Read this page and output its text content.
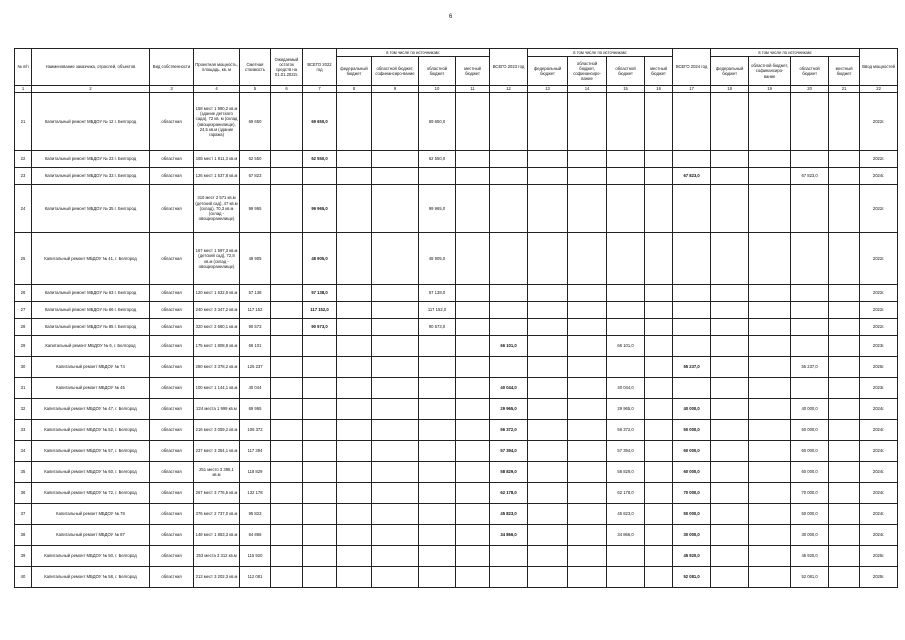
6
№ п/п	Наименование заказчика, отраслей, объектов	Вид собственности	Проектная мощность, площадь, кв. м	Сметная стоимость	Ожидаемый остаток средств на 01.01.2022г.	ВСЕГО 2022 год	в том числе по источникам:				ВСЕГО 2023 год	в том числе по источникам:				ВСЕГО 2024 год	в том числе по источникам:				Ввод мощностей
							федеральный бюджет	областной бюджет, софинансиро-вание	областной бюджет	местный бюджет		федеральный бюджет	областной бюджет, софинансиро-вание	областной бюджет	местный бюджет		федеральный бюджет	областной бюджет, софинансиро-вание	областной бюджет	местный бюджет	
1	2	3	4	5	6	7	8	9	10	11	12	13	14	15	16	17	18	19	20	21	22
21	Капитальный ремонт МБДОУ № 12 г. Белгород	областная	158 мест 1 990,2 кв.м (здание детского сада), 72 кв. м (склад (овощехранилище), 24,5 кв.м (здание гаража)	69 650		69 650,0			69 650,0												2022г.
22	Капитальный ремонт МБДОУ № 23 г. Белгород	областная	165 мест 1 811,3 кв.м	62 550		62 550,0			62 550,0												2022г.
23	Капитальный ремонт МБДОУ № 33 г. Белгород	областная	126 мест 1 537,8 кв.м	67 823												67 823,0			67 823,0		2024г.
24	Капитальный ремонт МБДОУ № 35 г. Белгород	областная	310 мест 2 571 кв.м (детский сад), 47 кв.м (склад), 70,3 кв.м (склад - овощехранилище)	99 965		99 965,0			99 965,0												2022г.
25	Капитальный ремонт МБДОУ № 41, г. Белгород	областная	167 мест 1 597,3 кв.м (детский сад), 72,8 кв.м (склад - овощехранилище)	48 905		48 905,0			48 905,0												2022г.
26	Капитальный ремонт МБДОУ № 63 г. Белгород	областная	120 мест 1 632,5 кв.м	57 138		57 138,0			57 138,0												2022г.
27	Капитальный ремонт МБДОУ № 66 г. Белгород	областная	240 мест 3 347,2 кв.м	117 152		117 152,0			117 152,0												2022г.
28	Капитальный ремонт МБДОУ № 85 г. Белгород	областная	320 мест 2 660,1 кв.м	90 573		90 573,0			90 573,0												2022г.
29	Капитальный ремонт МБДОУ № 6, г. Белгород	областная	175 мест 1 808,8 кв.м	66 101							66 101,0			66 101,0							2023г.
30	Капитальный ремонт МБДОУ № 74	областная	280 мест 3 378,2 кв.м	125 237												55 237,0			55 237,0		2025г.
31	Капитальный ремонт МБДОУ № 45	областная	100 мест 1 144,1 кв.м	40 044							40 044,0			40 044,0							2023г.
32	Капитальный ремонт МБДОУ № 47, г. Белгород	областная	224 места 1 999 кв.м	69 965							29 965,0			29 965,0		40 000,0			40 000,0		2024г.
33	Капитальный ремонт МБДОУ № 52, г. Белгород	областная	216 мест 3 059,2 кв.м	106 372							56 372,0			56 372,0		50 000,0			50 000,0		2024г.
34	Капитальный ремонт МБДОУ № 57, г. Белгород	областная	237 мест 3 354,1 кв.м	117 394							57 394,0			57 394,0		60 000,0			60 000,0		2024г.
35	Капитальный ремонт МБДОУ № 60, г. Белгород	областная	251 место 3 395,1 кв.м	118 829							58 829,0			58 829,0		60 000,0			60 000,0		2024г.
36	Капитальный ремонт МБДОУ № 72, г. Белгород	областная	267 мест 3 776,5 кв.м	132 178							62 178,0			62 178,0		70 000,0			70 000,0		2024г.
37	Капитальный ремонт МБДОУ № 78	областная	376 мест 2 737,0 кв.м	95 823							45 823,0			45 823,0		50 000,0			50 000,0		2024г.
38	Капитальный ремонт МБДОУ № 87	областная	148 мест 1 853,3 кв.м	64 866							34 866,0			34 866,0		30 000,0			30 000,0		2024г.
39	Капитальный ремонт МБДОУ № 50, г. Белгород	областная	253 места 3 312 кв.м	115 920												45 920,0			45 920,0		2025г.
40	Капитальный ремонт МБДОУ № 58, г. Белгород	областная	213 мест 3 202,3 кв.м	112 081												52 081,0			52 081,0		2025г.
